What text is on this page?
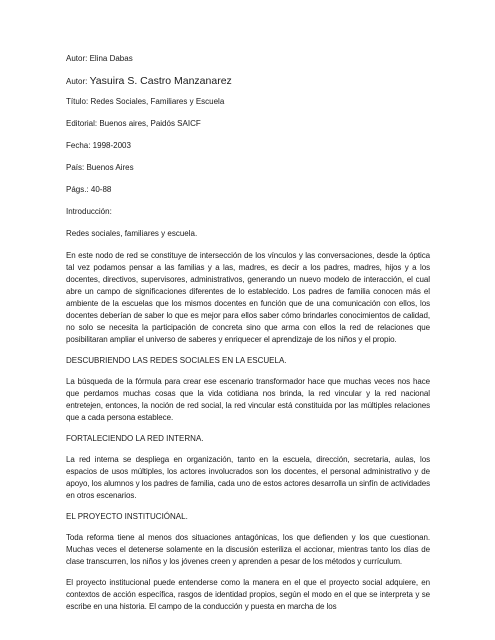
Autor: Elina Dabas
Autor: Yasuira S. Castro Manzanarez
Título: Redes Sociales, Familiares y Escuela
Editorial: Buenos aires, Paidós SAICF
Fecha: 1998-2003
País: Buenos Aires
Págs.: 40-88
Introducción:
Redes sociales, familiares y escuela.

En este nodo de red se constituye de intersección de los vínculos y las conversaciones, desde la óptica tal vez podamos pensar a las familias y a las, madres, es decir a los padres, madres, hijos y a los docentes, directivos, supervisores, administrativos, generando un nuevo modelo de interacción, el cual abre un campo de significaciones diferentes de lo establecido. Los padres de familia conocen más el ambiente de la escuelas que los mismos docentes en función que de una comunicación con ellos, los docentes deberían de saber lo que es mejor para ellos saber cómo brindarles conocimientos de calidad, no solo se necesita la participación de concreta sino que arma con ellos la red de relaciones que posibilitaran ampliar el universo de saberes y enriquecer el aprendizaje de los niños y el propio.

DESCUBRIENDO LAS REDES SOCIALES EN LA ESCUELA.

La búsqueda de la fórmula para crear ese escenario transformador hace que muchas veces nos hace que perdamos muchas cosas que la vida cotidiana nos brinda, la red vincular y la red nacional entretejen, entonces, la noción de red social, la red vincular está constituida por las múltiples relaciones que a cada persona establece.

FORTALECIENDO LA RED INTERNA.

La red interna se despliega en organización, tanto en la escuela, dirección, secretaria, aulas, los espacios de usos múltiples, los actores involucrados son los docentes, el personal administrativo y de apoyo, los alumnos y los padres de familia, cada uno de estos actores desarrolla un sinfín de actividades en otros escenarios.

EL PROYECTO INSTITUCIÓNAL.

Toda reforma tiene al menos dos situaciones antagónicas, los que defienden y los que cuestionan. Muchas veces el detenerse solamente en la discusión esteriliza el accionar, mientras tanto los días de clase transcurren, los niños y los jóvenes creen y aprenden a pesar de los métodos y currículum.

El proyecto institucional puede entenderse como la manera en el que el proyecto social adquiere, en contextos de acción específica, rasgos de identidad propios, según el modo en el que se interpreta y se escribe en una historia. El campo de la conducción y puesta en marcha de los
